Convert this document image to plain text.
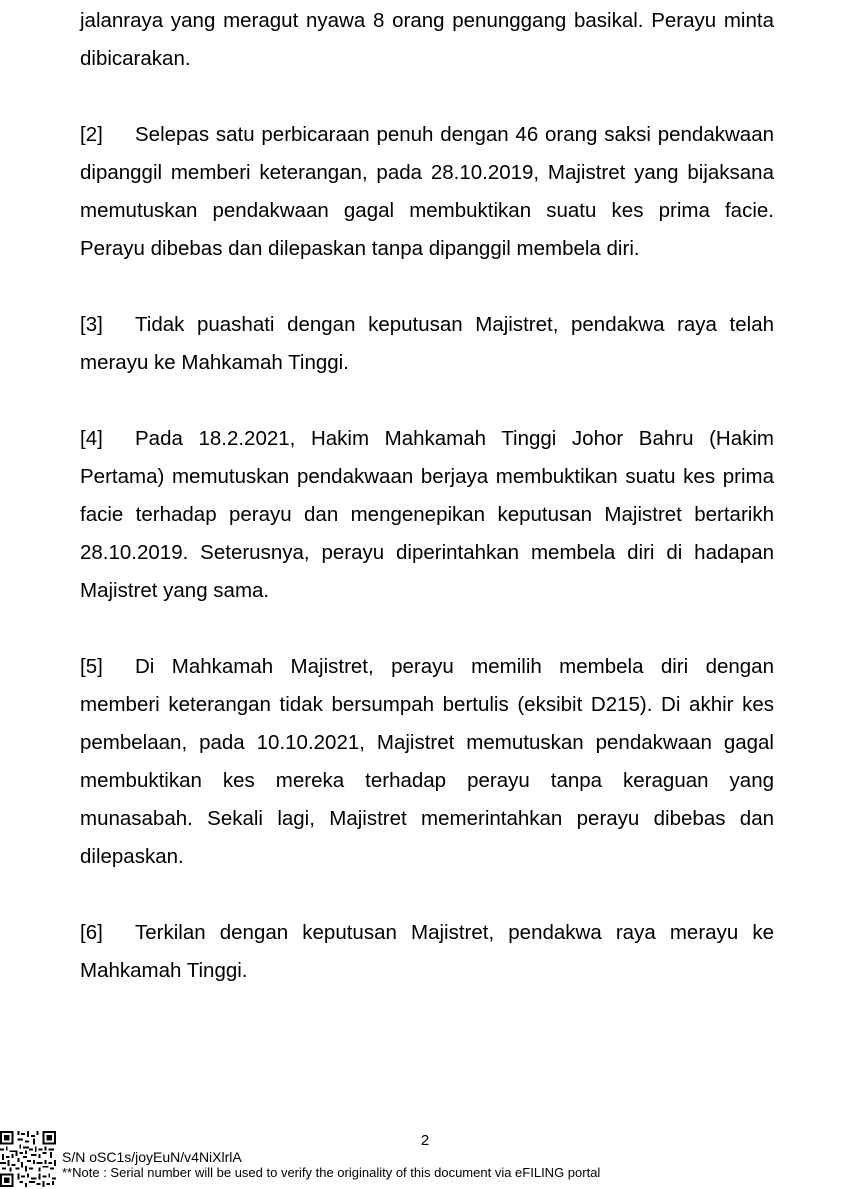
jalanraya yang meragut nyawa 8 orang penunggang basikal. Perayu minta dibicarakan.

[2] Selepas satu perbicaraan penuh dengan 46 orang saksi pendakwaan dipanggil memberi keterangan, pada 28.10.2019, Majistret yang bijaksana memutuskan pendakwaan gagal membuktikan suatu kes prima facie. Perayu dibebas dan dilepaskan tanpa dipanggil membela diri.

[3] Tidak puashati dengan keputusan Majistret, pendakwa raya telah merayu ke Mahkamah Tinggi.

[4] Pada 18.2.2021, Hakim Mahkamah Tinggi Johor Bahru (Hakim Pertama) memutuskan pendakwaan berjaya membuktikan suatu kes prima facie terhadap perayu dan mengenepikan keputusan Majistret bertarikh 28.10.2019. Seterusnya, perayu diperintahkan membela diri di hadapan Majistret yang sama.

[5] Di Mahkamah Majistret, perayu memilih membela diri dengan memberi keterangan tidak bersumpah bertulis (eksibit D215). Di akhir kes pembelaan, pada 10.10.2021, Majistret memutuskan pendakwaan gagal membuktikan kes mereka terhadap perayu tanpa keraguan yang munasabah. Sekali lagi, Majistret memerintahkan perayu dibebas dan dilepaskan.

[6] Terkilan dengan keputusan Majistret, pendakwa raya merayu ke Mahkamah Tinggi.

2
S/N oSC1s/joyEuN/v4NiXlrlA
**Note : Serial number will be used to verify the originality of this document via eFILING portal
